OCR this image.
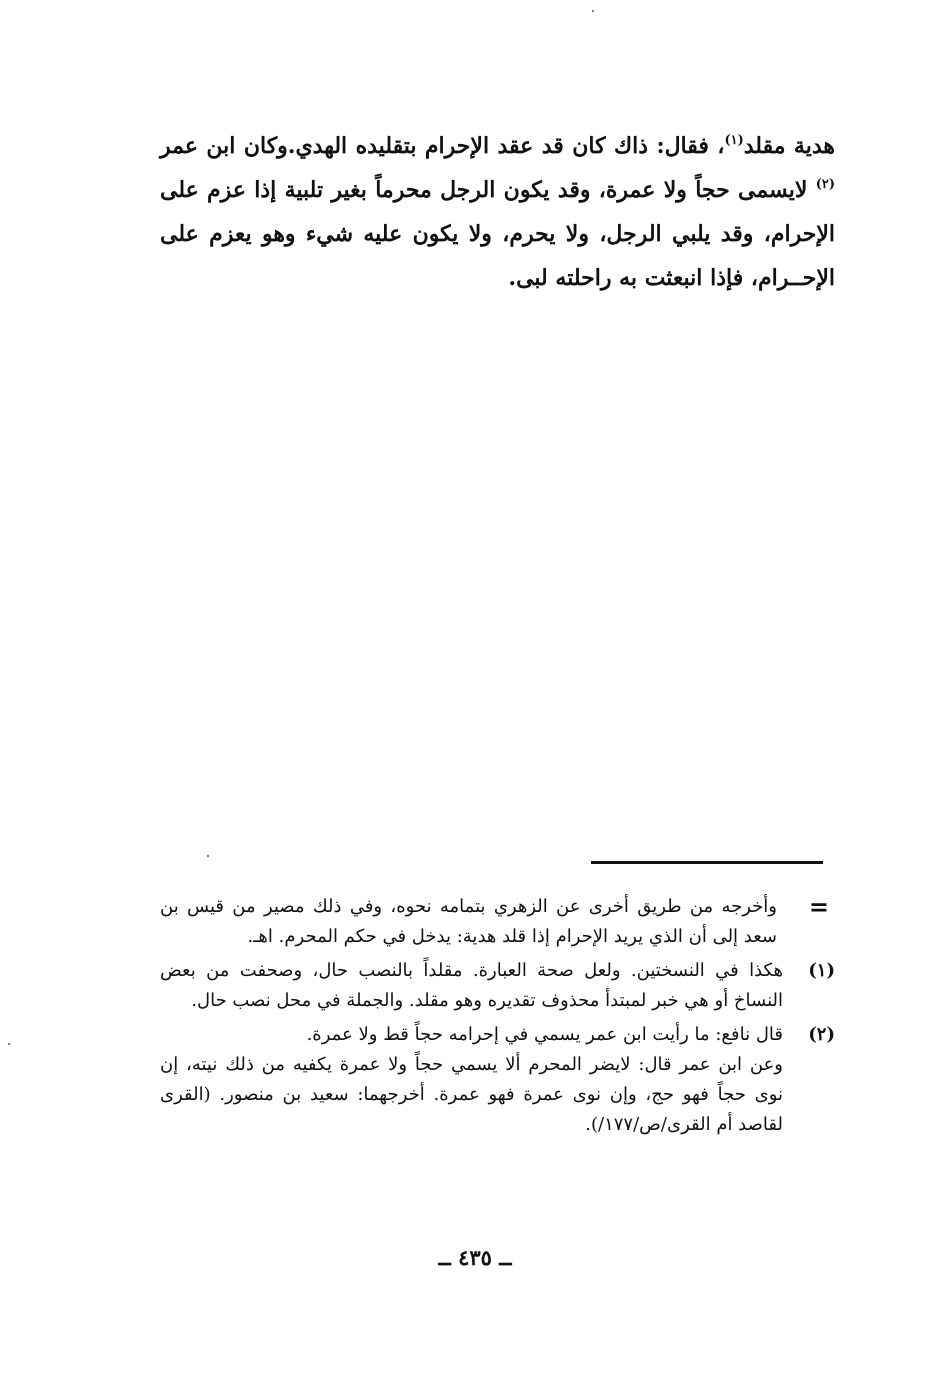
هدية مقلد$^{(١)}$، فقال: ذاك كان قد عقد الإحرام بتقليده الهدي.وكان ابن عمر $^{(٢)}$ لايسمى حجاً ولا عمرة، وقد يكون الرجل محرماً بغير تلبية إذا عزم على الإحرام، وقد يلبي الرجل، ولا يحرم، ولا يكون عليه شيء وهو يعزم على الإحــرام، فإذا انبعثت به راحلته لبى.

=

وأخرجه من طريق أخرى عن الزهري بتمامه نحوه، وفي ذلك مصير من قيس بن سعد إلى أن الذي يريد الإحرام إذا قلد هدية: يدخل في حكم المحرم. اهـ.

(١)

هكذا في النسختين. ولعل صحة العبارة. مقلداً بالنصب حال، وصحفت من بعض النساخ أو هي خبر لمبتدأ محذوف تقديره وهو مقلد. والجملة في محل نصب حال.

(٢)

قال نافع: ما رأيت ابن عمر يسمي في إحرامه حجاً قط ولا عمرة.

وعن ابن عمر قال: لايضر المحرم ألا يسمي حجاً ولا عمرة يكفيه من ذلك نيته، إن نوى حجاً فهو حج، وإن نوى عمرة فهو عمرة. أخرجهما: سعيد بن منصور. (القرى لقاصد أم القرى/ص/١٧٧/).

ــ ٤٣٥ ــ
